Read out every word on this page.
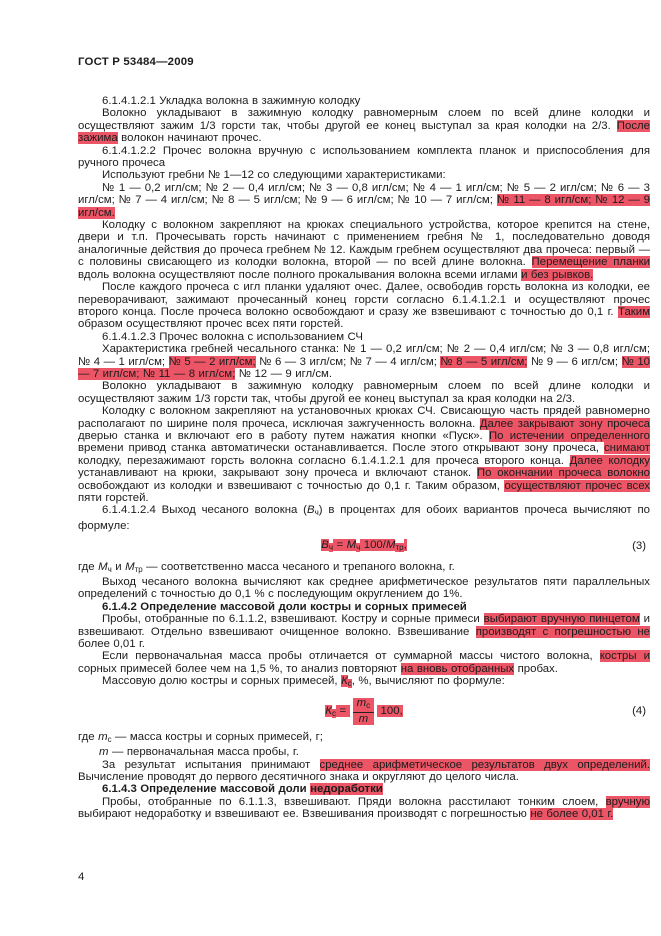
ГОСТ Р 53484—2009
6.1.4.1.2.1 Укладка волокна в зажимную колодку
Волокно укладывают в зажимную колодку равномерным слоем по всей длине колодки и осуществляют зажим 1/3 горсти так, чтобы другой ее конец выступал за края колодки на 2/3. После зажима волокон начинают прочес.
6.1.4.1.2.2 Прочес волокна вручную с использованием комплекта планок и приспособления для ручного прочеса
Используют гребни № 1—12 со следующими характеристиками:
№ 1 — 0,2 игл/см; № 2 — 0,4 игл/см; № 3 — 0,8 игл/см; № 4 — 1 игл/см; № 5 — 2 игл/см; № 6 — 3 игл/см; № 7 — 4 игл/см; № 8 — 5 игл/см; № 9 — 6 игл/см; № 10 — 7 игл/см; № 11 — 8 игл/см; № 12 — 9 игл/см.
Колодку с волокном закрепляют на крюках специального устройства, которое крепится на стене, двери и т.п. Прочесывать горсть начинают с применением гребня № 1, последовательно доводя аналогичные действия до прочеса гребнем № 12. Каждым гребнем осуществляют два прочеса: первый — с половины свисающего из колодки волокна, второй — по всей длине волокна. Перемещение планки вдоль волокна осуществляют после полного прокалывания волокна всеми иглами и без рывков.
После каждого прочеса с игл планки удаляют очес. Далее, освободив горсть волокна из колодки, ее переворачивают, зажимают прочесанный конец горсти согласно 6.1.4.1.2.1 и осуществляют прочес второго конца. После прочеса волокно освобождают и сразу же взвешивают с точностью до 0,1 г. Таким образом осуществляют прочес всех пяти горстей.
6.1.4.1.2.3 Прочес волокна с использованием СЧ
Характеристика гребней чесального станка: № 1 — 0,2 игл/см; № 2 — 0,4 игл/см; № 3 — 0,8 игл/см; № 4 — 1 игл/см; № 5 — 2 игл/см; № 6 — 3 игл/см; № 7 — 4 игл/см; № 8 — 5 игл/см; № 9 — 6 игл/см; № 10 — 7 игл/см; № 11 — 8 игл/см; № 12 — 9 игл/см.
Волокно укладывают в зажимную колодку равномерным слоем по всей длине колодки и осуществляют зажим 1/3 горсти так, чтобы другой ее конец выступал за края колодки на 2/3.
Колодку с волокном закрепляют на установочных крюках СЧ. Свисающую часть прядей равномерно располагают по ширине поля прочеса, исключая зажгученность волокна. Далее закрывают зону прочеса дверью станка и включают его в работу путем нажатия кнопки «Пуск». По истечении определенного времени привод станка автоматически останавливается. После этого открывают зону прочеса, снимают колодку, перезажимают горсть волокна согласно 6.1.4.1.2.1 для прочеса второго конца. Далее колодку устанавливают на крюки, закрывают зону прочеса и включают станок. По окончании прочеса волокно освобождают из колодки и взвешивают с точностью до 0,1 г. Таким образом, осуществляют прочес всех пяти горстей.
6.1.4.1.2.4 Выход чесаного волокна $(В_ч)$ в процентах для обоих вариантов прочеса вычисляют по формуле:
$В_ч = М_ч$ $100/М_{тр}$,	(3)
где $М_ч$ и $М_{тр}$ — соответственно масса чесаного и трепаного волокна, г.
Выход чесаного волокна вычисляют как среднее арифметическое результатов пяти параллельных определений с точностью до 0,1 % с последующим округлением до 1%.
6.1.4.2 Определение массовой доли костры и сорных примесей
Пробы, отобранные по 6.1.1.2, взвешивают. Костру и сорные примеси выбирают вручную пинцетом и взвешивают. Отдельно взвешивают очищенное волокно. Взвешивание производят с погрешностью не более 0,01 г.
Если первоначальная масса пробы отличается от суммарной массы чистого волокна, костры и сорных примесей более чем на 1,5 %, то анализ повторяют на вновь отобранных пробах.
Массовую долю костры и сорных примесей, $К_с$, %, вычисляют по формуле:
$К_с = \frac{m_с}{m} 100$,	(4)
где $m_с$ — масса костры и сорных примесей, г;
m — первоначальная масса пробы, г.
За результат испытания принимают среднее арифметическое результатов двух определений. Вычисление проводят до первого десятичного знака и округляют до целого числа.
6.1.4.3 Определение массовой доли недоработки
Пробы, отобранные по 6.1.1.3, взвешивают. Пряди волокна расстилают тонким слоем, вручную выбирают недоработку и взвешивают ее. Взвешивания производят с погрешностью не более 0,01 г.
4
